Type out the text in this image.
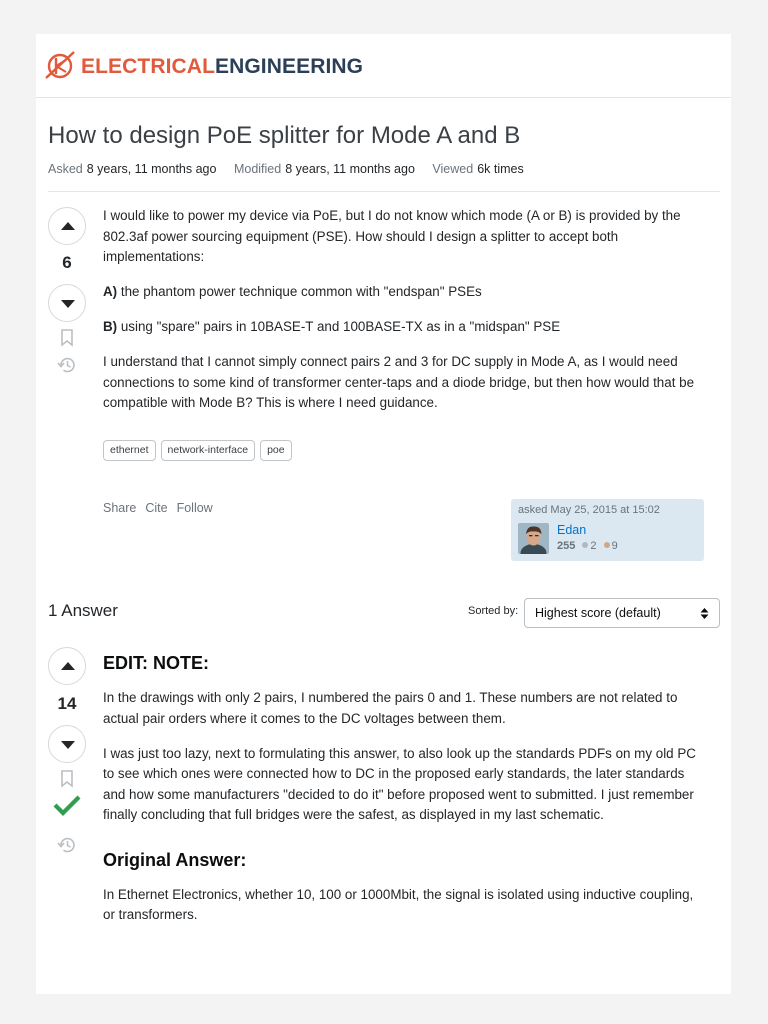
ELECTRICALENGINEERING
How to design PoE splitter for Mode A and B
Asked 8 years, 11 months ago Modified 8 years, 11 months ago Viewed 6k times
6

I would like to power my device via PoE, but I do not know which mode (A or B) is provided by the 802.3af power sourcing equipment (PSE). How should I design a splitter to accept both implementations:

A) the phantom power technique common with "endspan" PSEs

B) using "spare" pairs in 10BASE-T and 100BASE-TX as in a "midspan" PSE

I understand that I cannot simply connect pairs 2 and 3 for DC supply in Mode A, as I would need connections to some kind of transformer center-taps and a diode bridge, but then how would that be compatible with Mode B? This is where I need guidance.

ethernet	network-interface	poe
Share Cite Follow	asked May 25, 2015 at 15:02
Edan
255 2 9
1 Answer	Sorted by:	Highest score (default)
14
EDIT: NOTE:

In the drawings with only 2 pairs, I numbered the pairs 0 and 1. These numbers are not related to actual pair orders where it comes to the DC voltages between them.

I was just too lazy, next to formulating this answer, to also look up the standards PDFs on my old PC to see which ones were connected how to DC in the proposed early standards, the later standards and how some manufacturers "decided to do it" before proposed went to submitted. I just remember finally concluding that full bridges were the safest, as displayed in my last schematic.

Original Answer:

In Ethernet Electronics, whether 10, 100 or 1000Mbit, the signal is isolated using inductive coupling, or transformers.
